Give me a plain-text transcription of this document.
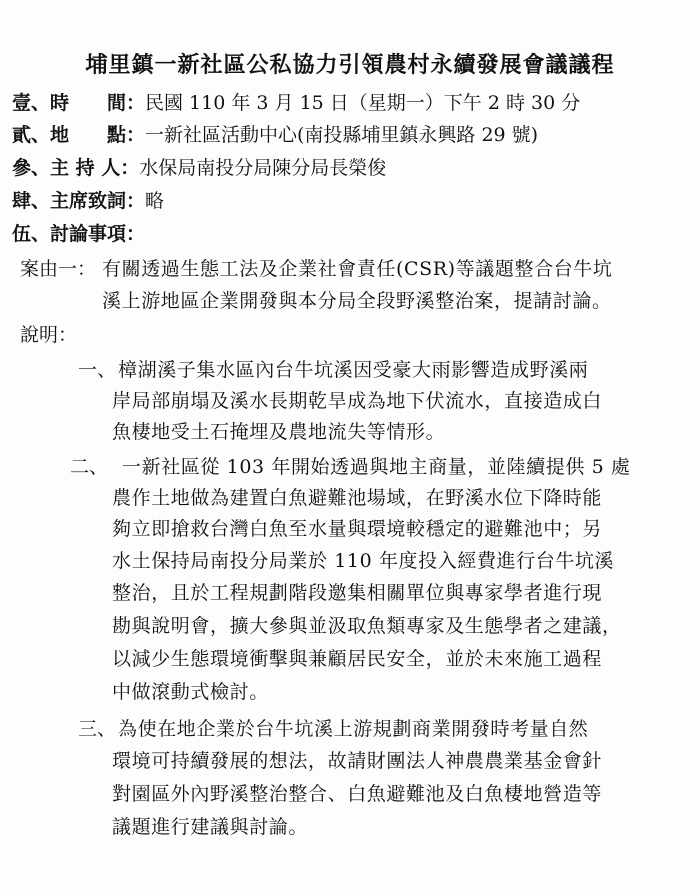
埔里鎮一新社區公私協力引領農村永續發展會議議程
壹、時　　間：民國 110 年 3 月 15 日（星期一）下午 2 時 30 分
貳、地　　點：一新社區活動中心(南投縣埔里鎮永興路 29 號)
參、主 持 人：水保局南投分局陳分局長榮俊
肆、主席致詞：略
伍、討論事項：
案由一： 有關透過生態工法及企業社會責任(CSR)等議題整合台牛坑
溪上游地區企業開發與本分局全段野溪整治案，提請討論。
說明：
一、 樟湖溪子集水區內台牛坑溪因受豪大雨影響造成野溪兩
岸局部崩塌及溪水長期乾旱成為地下伏流水，直接造成白
魚棲地受土石掩埋及農地流失等情形。
二、 一新社區從 103 年開始透過與地主商量，並陸續提供 5 處
農作土地做為建置白魚避難池場域，在野溪水位下降時能
夠立即搶救台灣白魚至水量與環境較穩定的避難池中；另
水土保持局南投分局業於 110 年度投入經費進行台牛坑溪
整治，且於工程規劃階段邀集相關單位與專家學者進行現
勘與說明會，擴大參與並汲取魚類專家及生態學者之建議，
以減少生態環境衝擊與兼顧居民安全，並於未來施工過程
中做滾動式檢討。
三、 為使在地企業於台牛坑溪上游規劃商業開發時考量自然
環境可持續發展的想法，故請財團法人神農農業基金會針
對園區外內野溪整治整合、白魚避難池及白魚棲地營造等
議題進行建議與討論。
